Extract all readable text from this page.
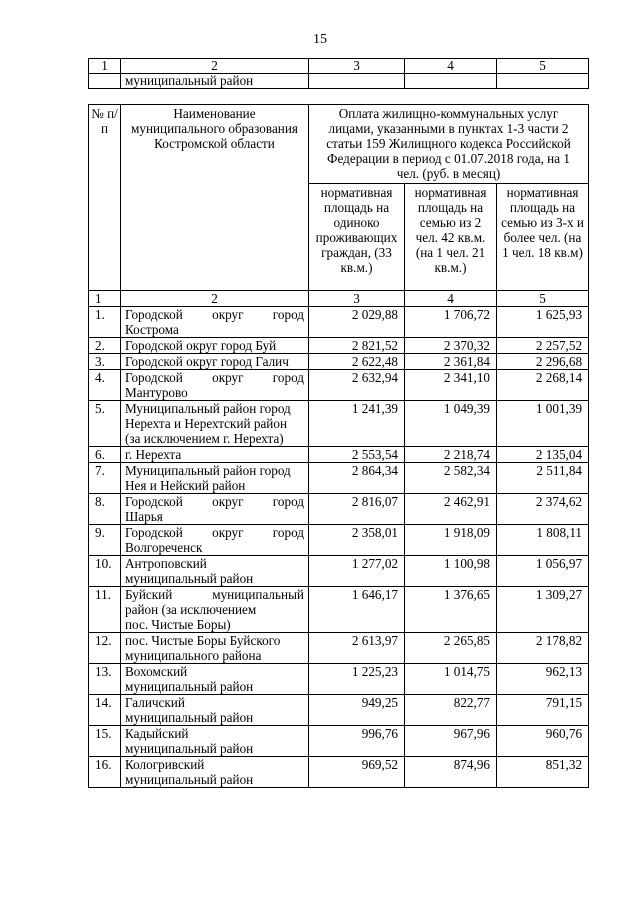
15
1	2	3	4	5
	муниципальный район			
№ п/п	Наименование муниципального образования Костромской области	Оплата жилищно-коммунальных услуг лицами, указанными в пунктах 1-3 части 2 статьи 159 Жилищного кодекса Российской Федерации в период с 01.07.2018 года, на 1 чел. (руб. в месяц)		
		нормативная площадь на одиноко проживающих граждан, (33 кв.м.)	нормативная площадь на семью из 2 чел. 42 кв.м. (на 1 чел. 21 кв.м.)	нормативная площадь на семью из 3-х и более чел. (на 1 чел. 18 кв.м)
1	2	3	4	5
1.	Городской округ город
Кострома	2 029,88	1 706,72	1 625,93
2.	Городской округ город Буй	2 821,52	2 370,32	2 257,52
3.	Городской округ город Галич	2 622,48	2 361,84	2 296,68
4.	Городской округ город
Мантурово	2 632,94	2 341,10	2 268,14
5.	Муниципальный район город
Нерехта и Нерехтский район
(за исключением г. Нерехта)	1 241,39	1 049,39	1 001,39
6.	г. Нерехта	2 553,54	2 218,74	2 135,04
7.	Муниципальный район город
Нея и Нейский район	2 864,34	2 582,34	2 511,84
8.	Городской округ город
Шарья	2 816,07	2 462,91	2 374,62
9.	Городской округ город
Волгореченск	2 358,01	1 918,09	1 808,11
10.	Антроповский
муниципальный район	1 277,02	1 100,98	1 056,97
11.	Буйский муниципальный
район (за исключением
пос. Чистые Боры)	1 646,17	1 376,65	1 309,27
12.	пос. Чистые Боры Буйского
муниципального района	2 613,97	2 265,85	2 178,82
13.	Вохомский
муниципальный район	1 225,23	1 014,75	962,13
14.	Галичский
муниципальный район	949,25	822,77	791,15
15.	Кадыйский
муниципальный район	996,76	967,96	960,76
16.	Кологривский
муниципальный район	969,52	874,96	851,32
